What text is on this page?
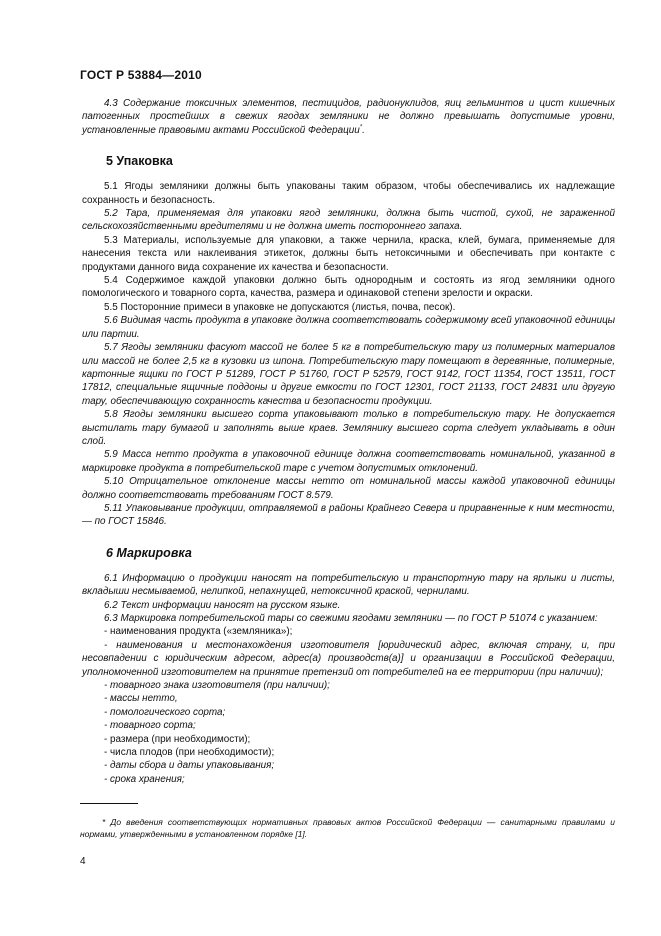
ГОСТ Р 53884—2010

4.3 Содержание токсичных элементов, пестицидов, радионуклидов, яиц гельминтов и цист кишечных патогенных простейших в свежих ягодах земляники не должно превышать допустимые уровни, установленные правовыми актами Российской Федерации*.

5 Упаковка

5.1 Ягоды земляники должны быть упакованы таким образом, чтобы обеспечивались их надлежащие сохранность и безопасность.

5.2 Тара, применяемая для упаковки ягод земляники, должна быть чистой, сухой, не зараженной сельскохозяйственными вредителями и не должна иметь постороннего запаха.

5.3 Материалы, используемые для упаковки, а также чернила, краска, клей, бумага, применяемые для нанесения текста или наклеивания этикеток, должны быть нетоксичными и обеспечивать при контакте с продуктами данного вида сохранение их качества и безопасности.

5.4 Содержимое каждой упаковки должно быть однородным и состоять из ягод земляники одного помологического и товарного сорта, качества, размера и одинаковой степени зрелости и окраски.

5.5 Посторонние примеси в упаковке не допускаются (листья, почва, песок).

5.6 Видимая часть продукта в упаковке должна соответствовать содержимому всей упаковочной единицы или партии.

5.7 Ягоды земляники фасуют массой не более 5 кг в потребительскую тару из полимерных материалов или массой не более 2,5 кг в кузовки из шпона. Потребительскую тару помещают в деревянные, полимерные, картонные ящики по ГОСТ Р 51289, ГОСТ Р 51760, ГОСТ Р 52579, ГОСТ 9142, ГОСТ 11354, ГОСТ 13511, ГОСТ 17812, специальные ящичные поддоны и другие емкости по ГОСТ 12301, ГОСТ 21133, ГОСТ 24831 или другую тару, обеспечивающую сохранность качества и безопасности продукции.

5.8 Ягоды земляники высшего сорта упаковывают только в потребительскую тару. Не допускается выстилать тару бумагой и заполнять выше краев. Землянику высшего сорта следует укладывать в один слой.

5.9 Масса нетто продукта в упаковочной единице должна соответствовать номинальной, указанной в маркировке продукта в потребительской таре с учетом допустимых отклонений.

5.10 Отрицательное отклонение массы нетто от номинальной массы каждой упаковочной единицы должно соответствовать требованиям ГОСТ 8.579.

5.11 Упаковывание продукции, отправляемой в районы Крайнего Севера и приравненные к ним местности, — по ГОСТ 15846.

6 Маркировка

6.1 Информацию о продукции наносят на потребительскую и транспортную тару на ярлыки и листы, вкладыши несмываемой, нелипкой, непахнущей, нетоксичной краской, чернилами.

6.2 Текст информации наносят на русском языке.

6.3 Маркировка потребительской тары со свежими ягодами земляники — по ГОСТ Р 51074 с указанием:

- наименования продукта («земляника»);

- наименования и местонахождения изготовителя [юридический адрес, включая страну, и, при несовпадении с юридическим адресом, адрес(а) производств(а)] и организации в Российской Федерации, уполномоченной изготовителем на принятие претензий от потребителей на ее территории (при наличии);

- товарного знака изготовителя (при наличии);

- массы нетто,

- помологического сорта;

- товарного сорта;

- размера (при необходимости);

- числа плодов (при необходимости);

- даты сбора и даты упаковывания;

- срока хранения;

* До введения соответствующих нормативных правовых актов Российской Федерации — санитарными правилами и нормами, утвержденными в установленном порядке [1].
4
